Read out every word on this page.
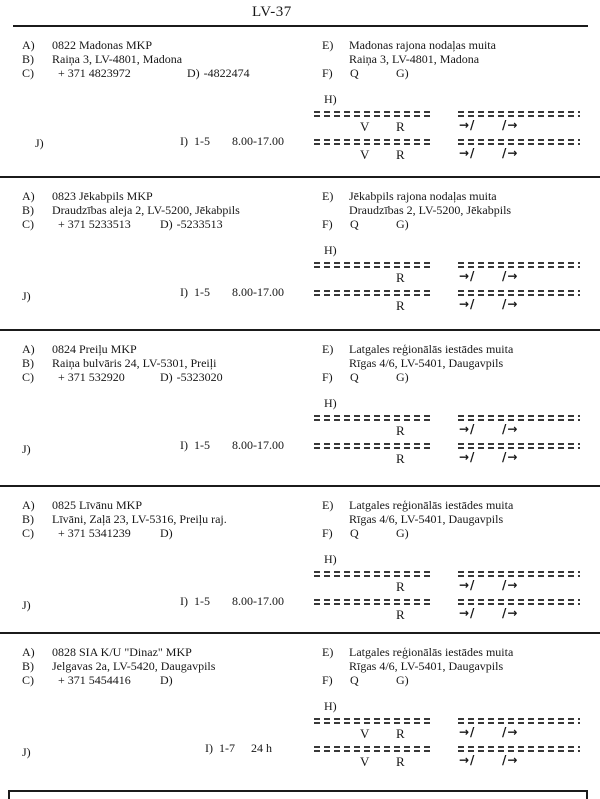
LV-37
A) 0822 Madonas MKP
B) Raiņa 3, LV-4801, Madona
C) + 371 4823972	D) -4822474
E) Madonas rajona nodaļas muita
Raiņa 3, LV-4801, Madona
F) Q	G)
H)
V R	→/ /→
V R	→/ /→
I) 1-5 8.00-17.00
J)
A) 0823 Jēkabpils MKP
B) Draudzības aleja 2, LV-5200, Jēkabpils
C) + 371 5233513 D) -5233513
E) Jēkabpils rajona nodaļas muita
Draudzības 2, LV-5200, Jēkabpils
F) Q	G)
H)
R	→/ /→
R	→/ /→
I) 1-5 8.00-17.00
J)
A) 0824 Preiļu MKP
B) Raiņa bulvāris 24, LV-5301, Preiļi
C) + 371 532920	D) -5323020
E) Latgales reģionālās iestādes muita
Rīgas 4/6, LV-5401, Daugavpils
F) Q	G)
H)
R	→/ /→
R	→/ /→
I) 1-5 8.00-17.00
J)
A) 0825 Līvānu MKP
B) Līvāni, Zaļā 23, LV-5316, Preiļu raj.
C) + 371 5341239 D)
E) Latgales reģionālās iestādes muita
Rīgas 4/6, LV-5401, Daugavpils
F) Q	G)
H)
R	→/ /→
R	→/ /→
I) 1-5 8.00-17.00
J)
A) 0828 SIA K/U "Dinaz" MKP
B) Jelgavas 2a, LV-5420, Daugavpils
C) + 371 5454416 D)
E) Latgales reģionālās iestādes muita
Rīgas 4/6, LV-5401, Daugavpils
F) Q	G)
H)
V R	→/ /→
V R	→/ /→
I) 1-7 24 h
J)
